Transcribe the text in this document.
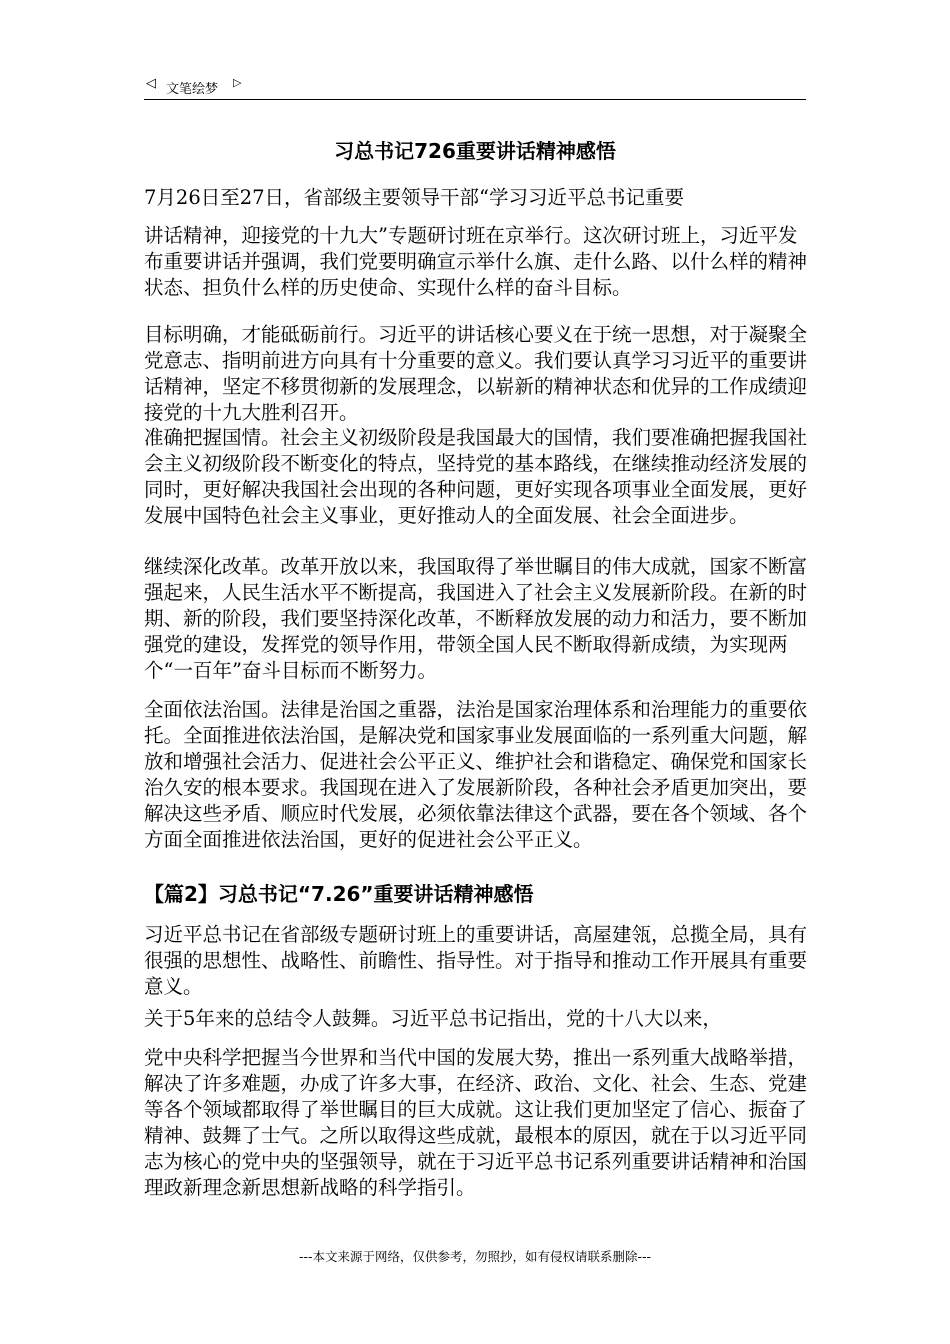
◁ 文笔绘梦 ▷
习总书记726重要讲话精神感悟

7月26日至27日，省部级主要领导干部“学习习近平总书记重要

讲话精神，迎接党的十九大”专题研讨班在京举行。这次研讨班上，习近平发布重要讲话并强调，我们党要明确宣示举什么旗、走什么路、以什么样的精神状态、担负什么样的历史使命、实现什么样的奋斗目标。

目标明确，才能砥砺前行。习近平的讲话核心要义在于统一思想，对于凝聚全党意志、指明前进方向具有十分重要的意义。我们要认真学习习近平的重要讲话精神，坚定不移贯彻新的发展理念，以崭新的精神状态和优异的工作成绩迎接党的十九大胜利召开。

准确把握国情。社会主义初级阶段是我国最大的国情，我们要准确把握我国社会主义初级阶段不断变化的特点，坚持党的基本路线，在继续推动经济发展的同时，更好解决我国社会出现的各种问题，更好实现各项事业全面发展，更好发展中国特色社会主义事业，更好推动人的全面发展、社会全面进步。

继续深化改革。改革开放以来，我国取得了举世瞩目的伟大成就，国家不断富强起来，人民生活水平不断提高，我国进入了社会主义发展新阶段。在新的时期、新的阶段，我们要坚持深化改革，不断释放发展的动力和活力，要不断加强党的建设，发挥党的领导作用，带领全国人民不断取得新成绩，为实现两个“一百年”奋斗目标而不断努力。

全面依法治国。法律是治国之重器，法治是国家治理体系和治理能力的重要依托。全面推进依法治国，是解决党和国家事业发展面临的一系列重大问题，解放和增强社会活力、促进社会公平正义、维护社会和谐稳定、确保党和国家长治久安的根本要求。我国现在进入了发展新阶段，各种社会矛盾更加突出，要解决这些矛盾、顺应时代发展，必须依靠法律这个武器，要在各个领域、各个方面全面推进依法治国，更好的促进社会公平正义。

【篇2】习总书记“7.26”重要讲话精神感悟

习近平总书记在省部级专题研讨班上的重要讲话，高屋建瓴，总揽全局，具有很强的思想性、战略性、前瞻性、指导性。对于指导和推动工作开展具有重要意义。

关于5年来的总结令人鼓舞。习近平总书记指出，党的十八大以来，

党中央科学把握当今世界和当代中国的发展大势，推出一系列重大战略举措，解决了许多难题，办成了许多大事，在经济、政治、文化、社会、生态、党建等各个领域都取得了举世瞩目的巨大成就。这让我们更加坚定了信心、振奋了精神、鼓舞了士气。之所以取得这些成就，最根本的原因，就在于以习近平同志为核心的党中央的坚强领导，就在于习近平总书记系列重要讲话精神和治国理政新理念新思想新战略的科学指引。

---本文来源于网络，仅供参考，勿照抄，如有侵权请联系删除---
